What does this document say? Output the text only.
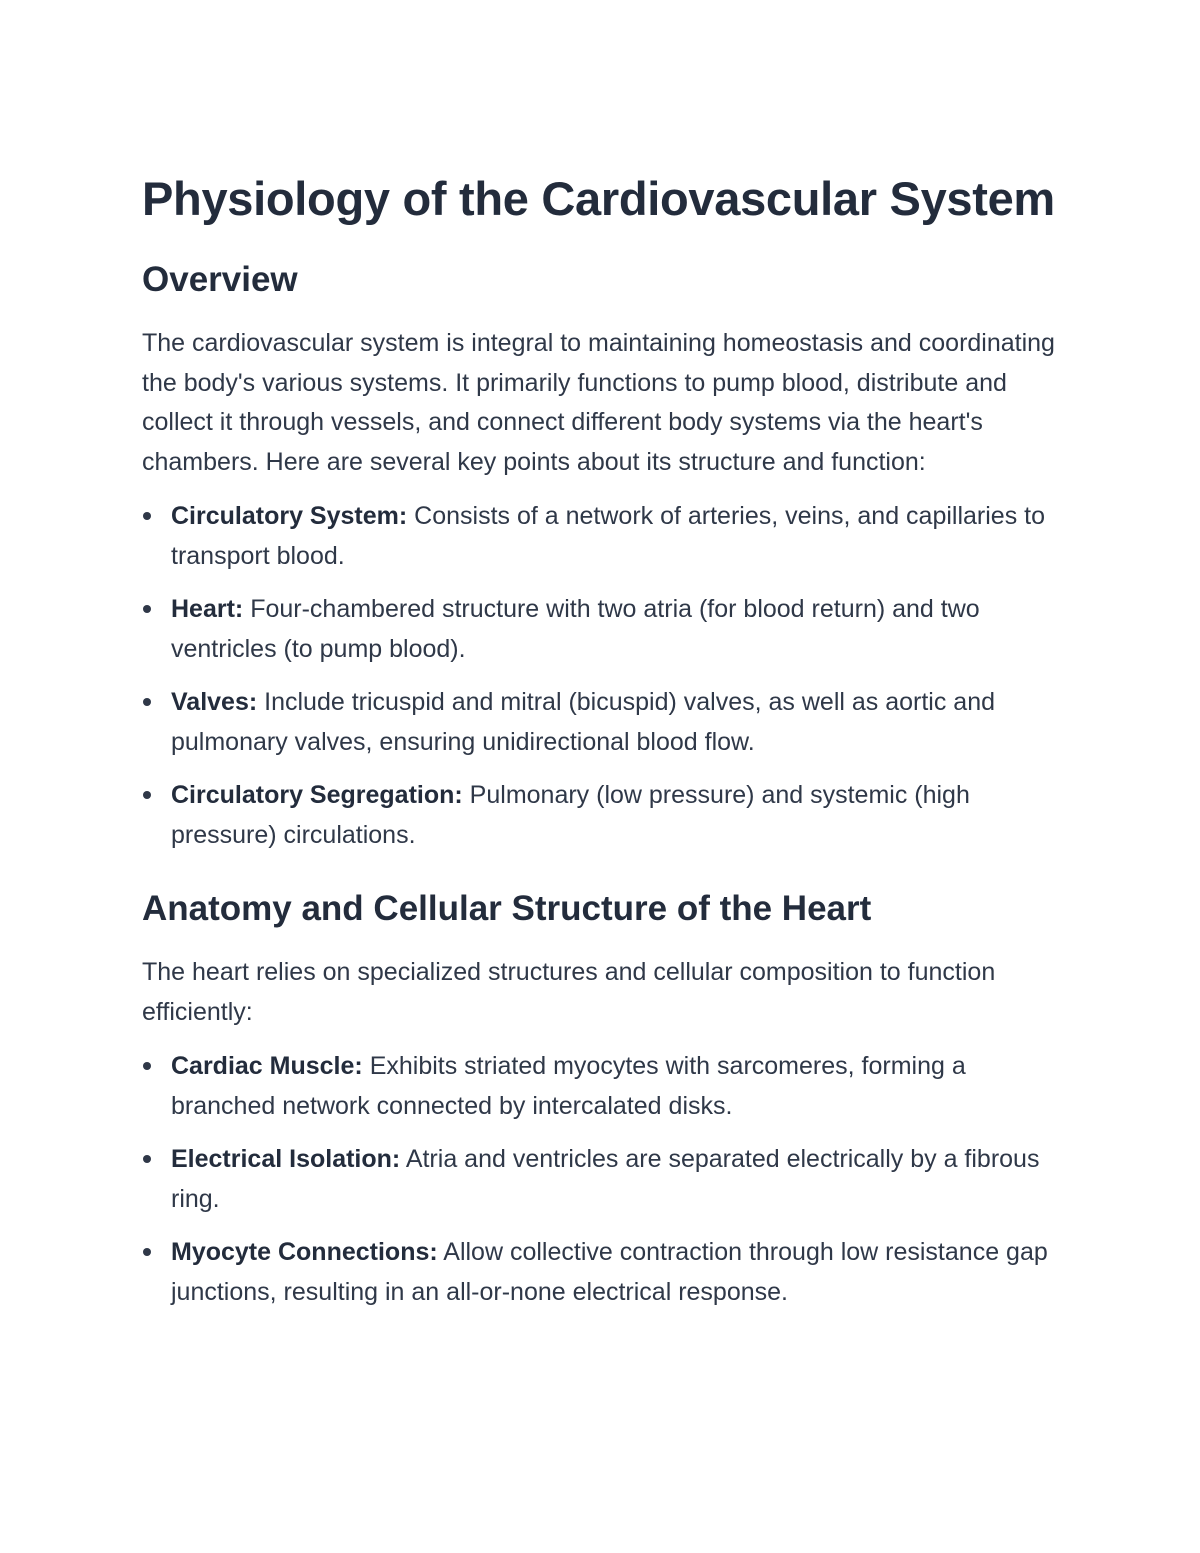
Physiology of the Cardiovascular System
Overview

The cardiovascular system is integral to maintaining homeostasis and coordinating the body's various systems. It primarily functions to pump blood, distribute and collect it through vessels, and connect different body systems via the heart's chambers. Here are several key points about its structure and function:

Circulatory System: Consists of a network of arteries, veins, and capillaries to transport blood.
Heart: Four-chambered structure with two atria (for blood return) and two ventricles (to pump blood).
Valves: Include tricuspid and mitral (bicuspid) valves, as well as aortic and pulmonary valves, ensuring unidirectional blood flow.
Circulatory Segregation: Pulmonary (low pressure) and systemic (high pressure) circulations.
Anatomy and Cellular Structure of the Heart

The heart relies on specialized structures and cellular composition to function efficiently:

Cardiac Muscle: Exhibits striated myocytes with sarcomeres, forming a branched network connected by intercalated disks.
Electrical Isolation: Atria and ventricles are separated electrically by a fibrous ring.
Myocyte Connections: Allow collective contraction through low resistance gap junctions, resulting in an all-or-none electrical response.
